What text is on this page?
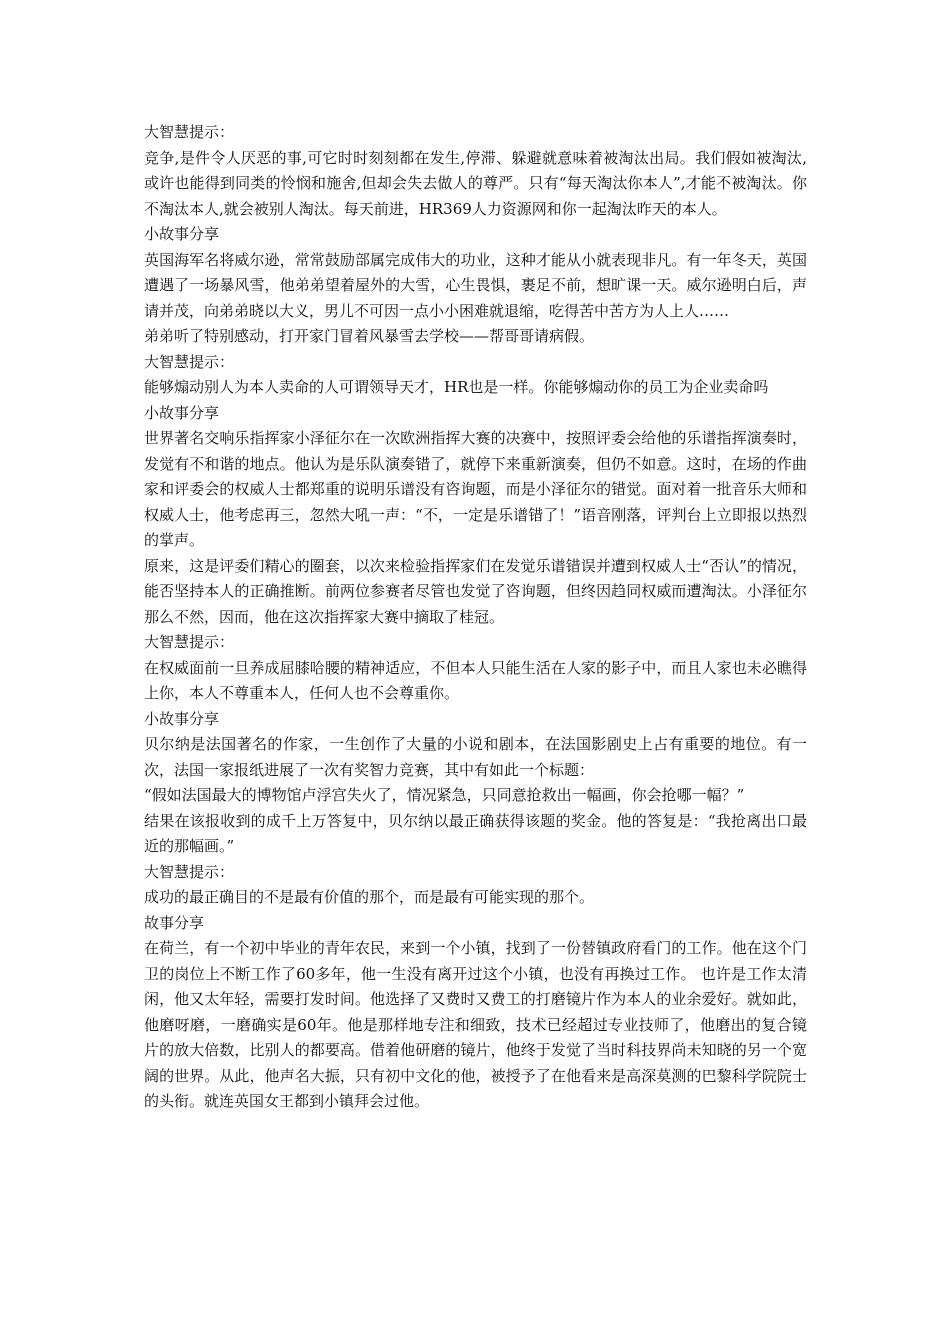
大智慧提示：

竞争,是件令人厌恶的事,可它时时刻刻都在发生,停滞、躲避就意味着被淘汰出局。我们假如被淘汰,或许也能得到同类的怜悯和施舍,但却会失去做人的尊严。只有“每天淘汰你本人”,才能不被淘汰。你不淘汰本人,就会被别人淘汰。每天前进，HR369人力资源网和你一起淘汰昨天的本人。

小故事分享

英国海军名将威尔逊，常常鼓励部属完成伟大的功业，这种才能从小就表现非凡。有一年冬天，英国遭遇了一场暴风雪，他弟弟望着屋外的大雪，心生畏惧，裹足不前，想旷课一天。威尔逊明白后，声请并茂，向弟弟晓以大义，男儿不可因一点小小困难就退缩，吃得苦中苦方为人上人……

弟弟听了特别感动，打开家门冒着风暴雪去学校——帮哥哥请病假。

大智慧提示：

能够煽动别人为本人卖命的人可谓领导天才，HR也是一样。你能够煽动你的员工为企业卖命吗

小故事分享

世界著名交响乐指挥家小泽征尔在一次欧洲指挥大赛的决赛中，按照评委会给他的乐谱指挥演奏时，发觉有不和谐的地点。他认为是乐队演奏错了，就停下来重新演奏，但仍不如意。这时，在场的作曲家和评委会的权威人士都郑重的说明乐谱没有咨询题，而是小泽征尔的错觉。面对着一批音乐大师和权威人士，他考虑再三，忽然大吼一声：“不，一定是乐谱错了！”语音刚落，评判台上立即报以热烈的掌声。

原来，这是评委们精心的圈套，以次来检验指挥家们在发觉乐谱错误并遭到权威人士“否认”的情况，能否坚持本人的正确推断。前两位参赛者尽管也发觉了咨询题，但终因趋同权威而遭淘汰。小泽征尔那么不然，因而，他在这次指挥家大赛中摘取了桂冠。

大智慧提示：

在权威面前一旦养成屈膝哈腰的精神适应，不但本人只能生活在人家的影子中，而且人家也未必瞧得上你，本人不尊重本人，任何人也不会尊重你。

小故事分享

贝尔纳是法国著名的作家，一生创作了大量的小说和剧本，在法国影剧史上占有重要的地位。有一次，法国一家报纸进展了一次有奖智力竞赛，其中有如此一个标题：

“假如法国最大的博物馆卢浮宫失火了，情况紧急，只同意抢救出一幅画，你会抢哪一幅？”

结果在该报收到的成千上万答复中，贝尔纳以最正确获得该题的奖金。他的答复是：“我抢离出口最近的那幅画。”

大智慧提示：

成功的最正确目的不是最有价值的那个，而是最有可能实现的那个。

故事分享

在荷兰，有一个初中毕业的青年农民，来到一个小镇，找到了一份替镇政府看门的工作。他在这个门卫的岗位上不断工作了60多年，他一生没有离开过这个小镇，也没有再换过工作。 也许是工作太清闲，他又太年轻，需要打发时间。他选择了又费时又费工的打磨镜片作为本人的业余爱好。就如此，他磨呀磨，一磨确实是60年。他是那样地专注和细致，技术已经超过专业技师了，他磨出的复合镜片的放大倍数，比别人的都要高。借着他研磨的镜片，他终于发觉了当时科技界尚未知晓的另一个宽阔的世界。从此，他声名大振，只有初中文化的他，被授予了在他看来是高深莫测的巴黎科学院院士的头衔。就连英国女王都到小镇拜会过他。
